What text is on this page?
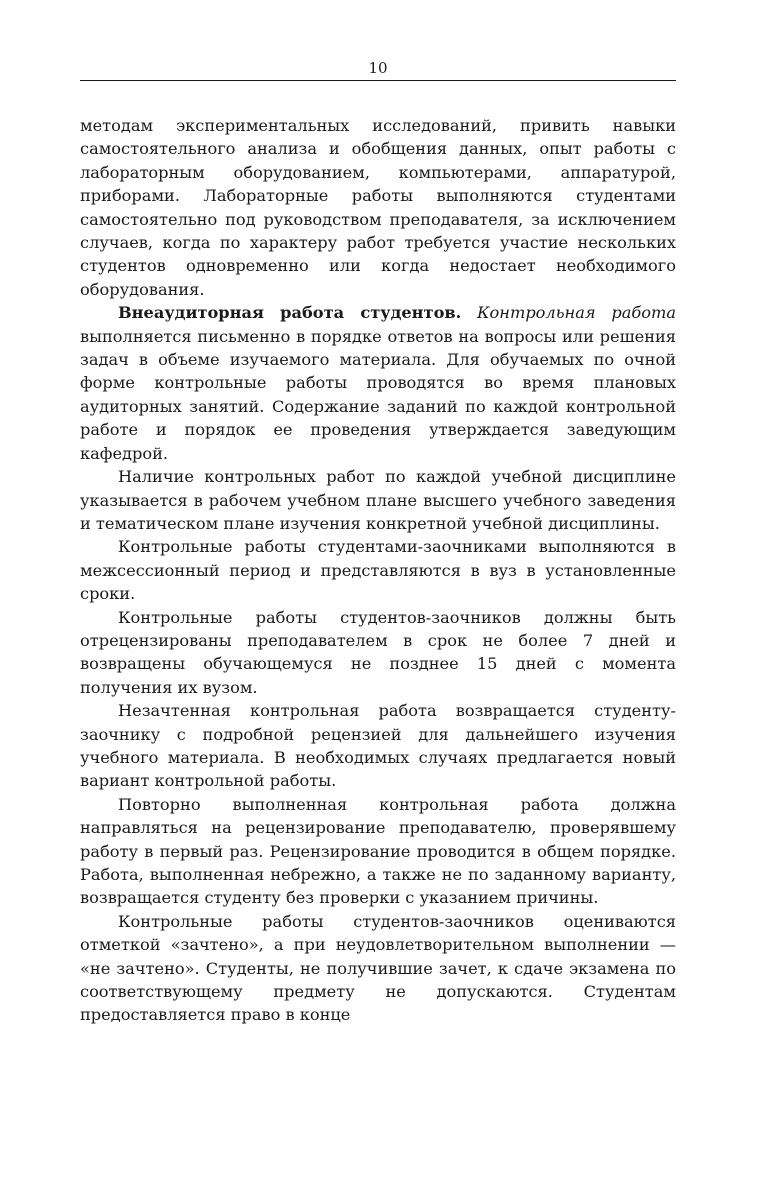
10

методам экспериментальных исследований, привить навыки самостоятельного анализа и обобщения данных, опыт работы с лабораторным оборудованием, компьютерами, аппаратурой, приборами. Лабораторные работы выполняются студентами самостоятельно под руководством преподавателя, за исключением случаев, когда по характеру работ требуется участие нескольких студентов одновременно или когда недостает необходимого оборудования.

Внеаудиторная работа студентов. Контрольная работа выполняется письменно в порядке ответов на вопросы или решения задач в объеме изучаемого материала. Для обучаемых по очной форме контрольные работы проводятся во время плановых аудиторных занятий. Содержание заданий по каждой контрольной работе и порядок ее проведения утверждается заведующим кафедрой.

Наличие контрольных работ по каждой учебной дисциплине указывается в рабочем учебном плане высшего учебного заведения и тематическом плане изучения конкретной учебной дисциплины.

Контрольные работы студентами-заочниками выполняются в межсессионный период и представляются в вуз в установленные сроки.

Контрольные работы студентов-заочников должны быть отрецензированы преподавателем в срок не более 7 дней и возвращены обучающемуся не позднее 15 дней с момента получения их вузом.

Незачтенная контрольная работа возвращается студенту-заочнику с подробной рецензией для дальнейшего изучения учебного материала. В необходимых случаях предлагается новый вариант контрольной работы.

Повторно выполненная контрольная работа должна направляться на рецензирование преподавателю, проверявшему работу в первый раз. Рецензирование проводится в общем порядке. Работа, выполненная небрежно, а также не по заданному варианту, возвращается студенту без проверки с указанием причины.

Контрольные работы студентов-заочников оцениваются отметкой «зачтено», а при неудовлетворительном выполнении — «не зачтено». Студенты, не получившие зачет, к сдаче экзамена по соответствующему предмету не допускаются. Студентам предоставляется право в конце
